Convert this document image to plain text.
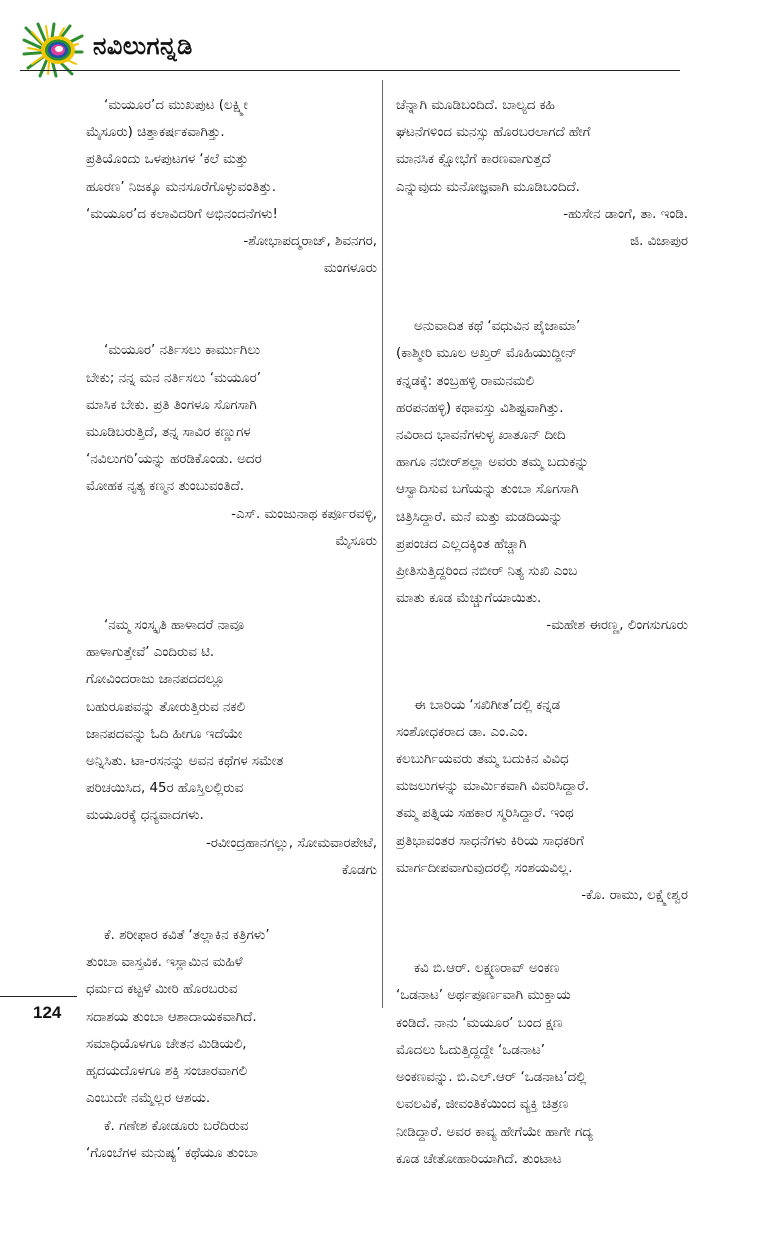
ನವಿಲುಗನ್ನಡಿ

‘ಮಯೂರ’ದ ಮುಖಪುಟ (ಲಕ್ಷ್ಮೀ

ಮೈಸೂರು) ಚಿತ್ತಾಕರ್ಷಕವಾಗಿತ್ತು.

ಪ್ರತಿಯೊಂದು ಒಳಪುಟಗಳ ‘ಕಲೆ ಮತ್ತು

ಹೂರಣ’ ನಿಜಕ್ಕೂ ಮನಸೂರೆಗೊಳ್ಳುವಂತಿತ್ತು.

‘ಮಯೂರ’ದ ಕಲಾವಿದರಿಗೆ ಅಭಿನಂದನೆಗಳು!

-ಶೋಭಾಪದ್ಮರಾಜ್, ಶಿವನಗರ,

ಮಂಗಳೂರು

‘ಮಯೂರ’ ನರ್ತಿಸಲು ಕಾರ್ಮುಗಿಲು

ಬೇಕು; ನನ್ನ ಮನ ನರ್ತಿಸಲು ‘ಮಯೂರ’

ಮಾಸಿಕ ಬೇಕು. ಪ್ರತಿ ತಿಂಗಳೂ ಸೊಗಸಾಗಿ

ಮೂಡಿಬರುತ್ತಿದೆ, ತನ್ನ ಸಾವಿರ ಕಣ್ಣುಗಳ

‘ನವಿಲುಗರಿ’ಯನ್ನು ಹರಡಿಕೊಂಡು. ಅದರ

ಮೋಹಕ ನೃತ್ಯ ಕಣ್ಮನ ತುಂಬುವಂತಿದೆ.

-ಎಸ್. ಮಂಜುನಾಥ ಕರ್ಪೂರವಳ್ಳಿ,

ಮೈಸೂರು

‘ನಮ್ಮ ಸಂಸ್ಕೃತಿ ಹಾಳಾದರೆ ನಾವೂ

ಹಾಳಾಗುತ್ತೇವೆ’ ಎಂದಿರುವ ಟಿ.

ಗೋವಿಂದರಾಜು ಜಾನಪದದಲ್ಲೂ

ಬಹುರೂಪವನ್ನು ತೋರುತ್ತಿರುವ ನಕಲಿ

ಜಾನಪದವನ್ನು ಓದಿ ಹೀಗೂ ಇದೆಯೇ

ಅನ್ನಿಸಿತು. ಟಾ-ರಸನನ್ನು ಅವನ ಕಥೆಗಳ ಸಮೇತ

ಪರಿಚಯಿಸಿದ, 45ರ ಹೊಸ್ತಿಲಲ್ಲಿರುವ

ಮಯೂರಕ್ಕೆ ಧನ್ಯವಾದಗಳು.

-ರವೀಂದ್ರಹಾನಗಲ್ಲು, ಸೋಮವಾರಪೇಟೆ,

ಕೊಡಗು

ಕೆ. ಶರೀಫಾರ ಕವಿತೆ ‘ತಲ್ಲಾಕಿನ ಕತ್ರಿಗಳು’

ತುಂಬಾ ವಾಸ್ತವಿಕ. ಇಸ್ಲಾಮಿನ ಮಹಿಳೆ

ಧರ್ಮದ ಕಟ್ಟಳೆ ಮೀರಿ ಹೊರಬರುವ

ಸದಾಶಯ ತುಂಬಾ ಆಶಾದಾಯಕವಾಗಿದೆ.

ಸಮಾಧಿಯೊಳಗೂ ಚೇತನ ಮಿಡಿಯಲಿ,

ಹೃದಯದೊಳಗೂ ಶಕ್ತಿ ಸಂಚಾರವಾಗಲಿ

ಎಂಬುದೇ ನಮ್ಮೆಲ್ಲರ ಆಶಯ.

ಕೆ. ಗಣೇಶ ಕೋಡೂರು ಬರೆದಿರುವ

‘ಗೊಂಬೆಗಳ ಮನುಷ್ಯ’ ಕಥೆಯೂ ತುಂಬಾ

ಚೆನ್ನಾಗಿ ಮೂಡಿಬಂದಿದೆ. ಬಾಲ್ಯದ ಕಹಿ

ಘಟನೆಗಳಿಂದ ಮನಸ್ಸು ಹೊರಬರಲಾಗದೆ ಹೇಗೆ

ಮಾನಸಿಕ ಕ್ಷೋಭೆಗೆ ಕಾರಣವಾಗುತ್ತದೆ

ಎನ್ನುವುದು ಮನೋಜ್ಞವಾಗಿ ಮೂಡಿಬಂದಿದೆ.

-ಹುಸೇನ ಡಾಂಗೆ, ತಾ. ಇಂಡಿ.

ಜಿ. ವಿಜಾಪುರ

ಅನುವಾದಿತ ಕಥೆ ‘ವಧುವಿನ ಪೈಜಾಮಾ’

(ಕಾಶ್ಮೀರಿ ಮೂಲ ಅಖ್ತರ್ ಮೊಹಿಯುದ್ದೀನ್

ಕನ್ನಡಕ್ಕೆ: ತಂಬ್ರಹಳ್ಳಿ ರಾಮನಮಲಿ

ಹರಪನಹಳ್ಳಿ) ಕಥಾವಸ್ತು ವಿಶಿಷ್ಟವಾಗಿತ್ತು.

ನವಿರಾದ ಭಾವನೆಗಳುಳ್ಳ ಖಾತೂನ್ ದೀದಿ

ಹಾಗೂ ನಬೀರ್‌ಶಲ್ಲಾ ಅವರು ತಮ್ಮ ಬದುಕನ್ನು

ಆಸ್ವಾದಿಸುವ ಬಗೆಯನ್ನು ತುಂಬಾ ಸೊಗಸಾಗಿ

ಚಿತ್ರಿಸಿದ್ದಾರೆ. ಮನೆ ಮತ್ತು ಮಡದಿಯನ್ನು

ಪ್ರಪಂಚದ ಎಲ್ಲದಕ್ಕಿಂತ ಹೆಚ್ಚಾಗಿ

ಪ್ರೀತಿಸುತ್ತಿದ್ದರಿಂದ ನಬೀರ್ ನಿತ್ಯ ಸುಖಿ ಎಂಬ

ಮಾತು ಕೂಡ ಮೆಚ್ಚುಗೆಯಾಯಿತು.

-ಮಹೇಶ ಈರಣ್ಣ, ಲಿಂಗಸುಗೂರು

ಈ ಬಾರಿಯ ‘ಸಖಿಗೀತ’ದಲ್ಲಿ ಕನ್ನಡ

ಸಂಶೋಧಕರಾದ ಡಾ. ಎಂ.ಎಂ.

ಕಲಬುರ್ಗಿಯವರು ತಮ್ಮ ಬದುಕಿನ ವಿವಿಧ

ಮಜಲುಗಳನ್ನು ಮಾರ್ಮಿಕವಾಗಿ ವಿವರಿಸಿದ್ದಾರೆ.

ತಮ್ಮ ಪತ್ನಿಯ ಸಹಕಾರ ಸ್ಮರಿಸಿದ್ದಾರೆ. ಇಂಥ

ಪ್ರತಿಭಾವಂತರ ಸಾಧನೆಗಳು ಕಿರಿಯ ಸಾಧಕರಿಗೆ

ಮಾರ್ಗದೀಪವಾಗುವುದರಲ್ಲಿ ಸಂಶಯವಿಲ್ಲ.

-ಕೊ. ರಾಮು, ಲಕ್ಷ್ಮೇಶ್ವರ

ಕವಿ ಬಿ.ಆರ್. ಲಕ್ಷ್ಮಣರಾವ್ ಅಂಕಣ

‘ಒಡನಾಟ’ ಅರ್ಥಪೂರ್ಣವಾಗಿ ಮುಕ್ತಾಯ

ಕಂಡಿದೆ. ನಾನು ‘ಮಯೂರ’ ಬಂದ ಕ್ಷಣ

ಮೊದಲು ಓದುತ್ತಿದ್ದದ್ದೇ ‘ಒಡನಾಟ’

ಅಂಕಣವನ್ನು. ಬಿ.ಎಲ್.ಆರ್ ‘ಒಡನಾಟ’ದಲ್ಲಿ

ಲವಲವಿಕೆ, ಜೀವಂತಿಕೆಯಿಂದ ವ್ಯಕ್ತಿ ಚಿತ್ರಣ

ನೀಡಿದ್ದಾರೆ. ಅವರ ಕಾವ್ಯ ಹೇಗೆಯೇ ಹಾಗೇ ಗದ್ಯ

ಕೂಡ ಚೇತೋಹಾರಿಯಾಗಿದೆ. ತುಂಟಾಟ

124
